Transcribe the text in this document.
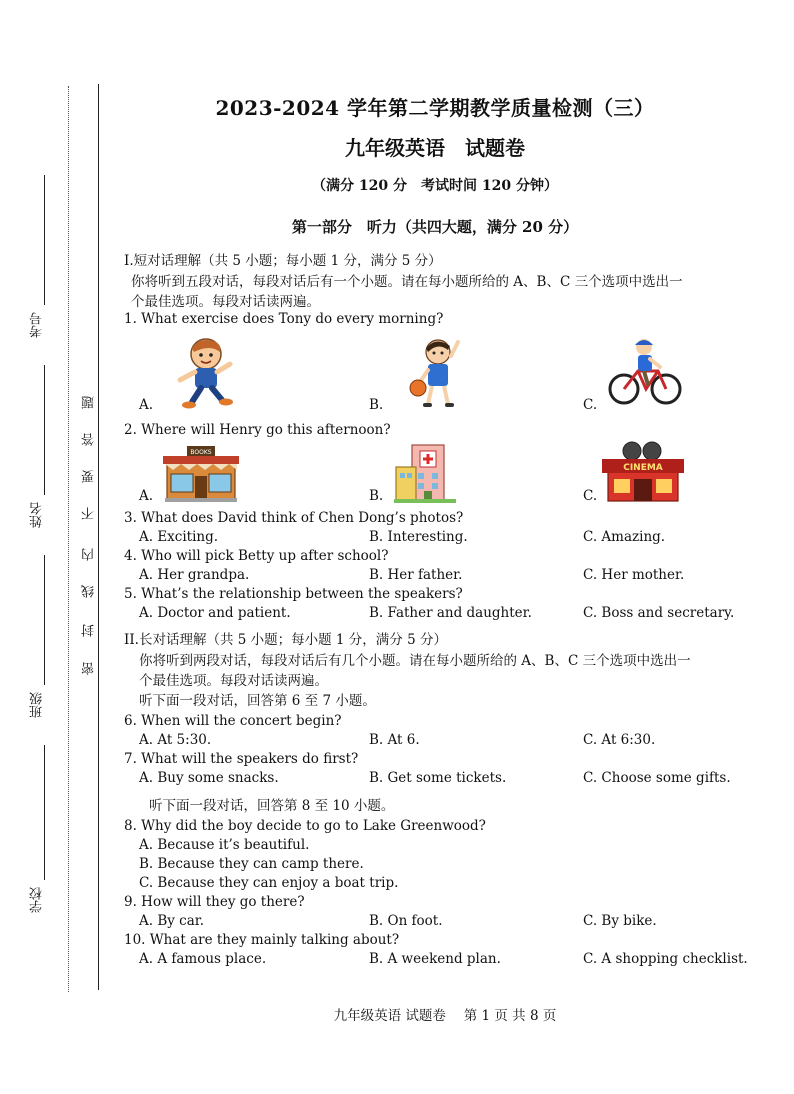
考号
姓名
班级
学校
题
答
要
不
内
线
封
密
2023-2024 学年第二学期教学质量检测（三）
九年级英语　试题卷
（满分 120 分　考试时间 120 分钟）
第一部分　听力（共四大题，满分 20 分）
I.短对话理解（共 5 小题；每小题 1 分，满分 5 分）
你将听到五段对话，每段对话后有一个小题。请在每小题所给的 A、B、C 三个选项中选出一
个最佳选项。每段对话读两遍。
1. What exercise does Tony do every morning?
A.	B.	C.
2. Where will Henry go this afternoon?
A.	B.	C.
BOOKS
CINEMA
3. What does David think of Chen Dong’s photos?
A. Exciting.	B. Interesting.	C. Amazing.
4. Who will pick Betty up after school?
A. Her grandpa.	B. Her father.	C. Her mother.
5. What’s the relationship between the speakers?
A. Doctor and patient.	B. Father and daughter.	C. Boss and secretary.
II.长对话理解（共 5 小题；每小题 1 分，满分 5 分）
你将听到两段对话，每段对话后有几个小题。请在每小题所给的 A、B、C 三个选项中选出一
个最佳选项。每段对话读两遍。
听下面一段对话，回答第 6 至 7 小题。
6. When will the concert begin?
A. At 5:30.	B. At 6.	C. At 6:30.
7. What will the speakers do first?
A. Buy some snacks.	B. Get some tickets.	C. Choose some gifts.
听下面一段对话，回答第 8 至 10 小题。
8. Why did the boy decide to go to Lake Greenwood?
A. Because it’s beautiful.
B. Because they can camp there.
C. Because they can enjoy a boat trip.
9. How will they go there?
A. By car.	B. On foot.	C. By bike.
10. What are they mainly talking about?
A. A famous place.	B. A weekend plan.	C. A shopping checklist.
九年级英语 试题卷　 第 1 页 共 8 页
